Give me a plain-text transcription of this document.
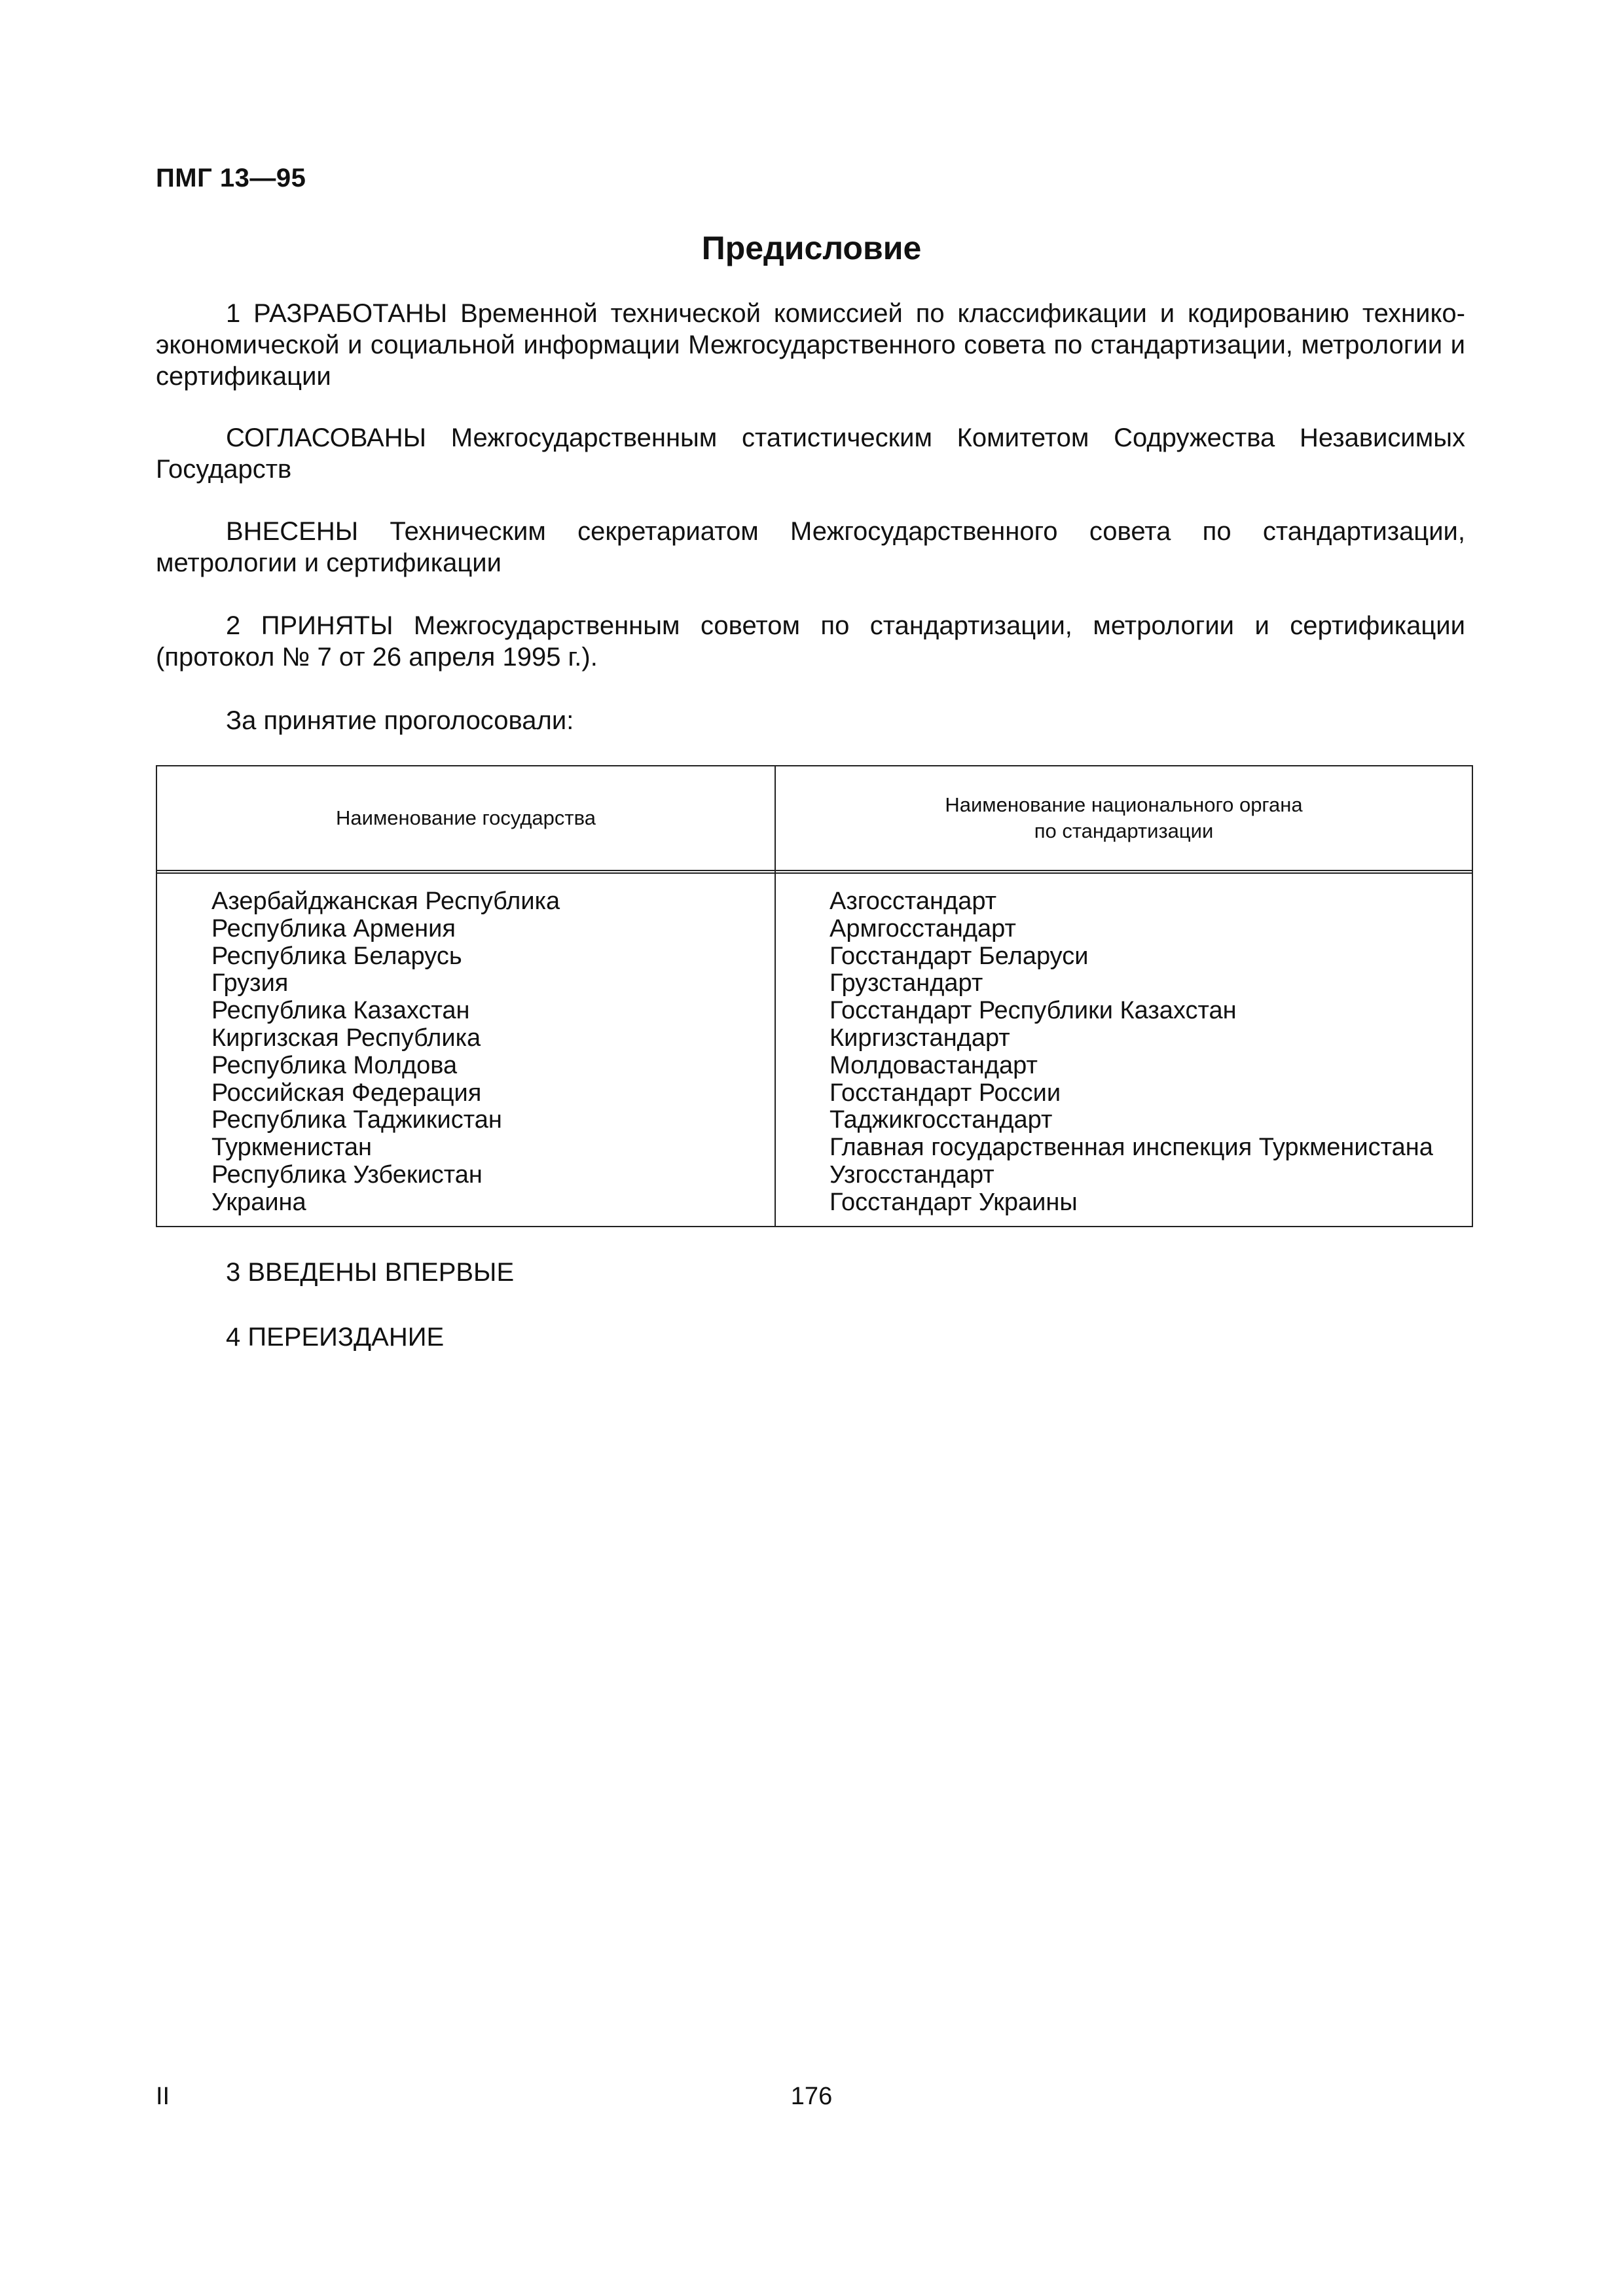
ПМГ 13—95
Предисловие
1 РАЗРАБОТАНЫ Временной технической комиссией по классификации и кодированию технико-экономической и социальной информации Межгосударственного совета по стандартизации, метрологии и сертификации
СОГЛАСОВАНЫ Межгосударственным статистическим Комитетом Содружества Независимых Государств
ВНЕСЕНЫ Техническим секретариатом Межгосударственного совета по стандартизации, метрологии и сертификации
2 ПРИНЯТЫ Межгосударственным советом по стандартизации, метрологии и сертификации (протокол № 7 от 26 апреля 1995 г.).
За принятие проголосовали:
Наименование государства
Наименование национального органа
по стандартизации
Азербайджанская Республика
Республика Армения
Республика Беларусь
Грузия
Республика Казахстан
Киргизская Республика
Республика Молдова
Российская Федерация
Республика Таджикистан
Туркменистан
Республика Узбекистан
Украина
Азгосстандарт
Армгосстандарт
Госстандарт Беларуси
Грузстандарт
Госстандарт Республики Казахстан
Киргизстандарт
Молдовастандарт
Госстандарт России
Таджикгосстандарт
Главная государственная инспекция Туркменистана
Узгосстандарт
Госстандарт Украины
3 ВВЕДЕНЫ ВПЕРВЫЕ
4 ПЕРЕИЗДАНИЕ
II	176
